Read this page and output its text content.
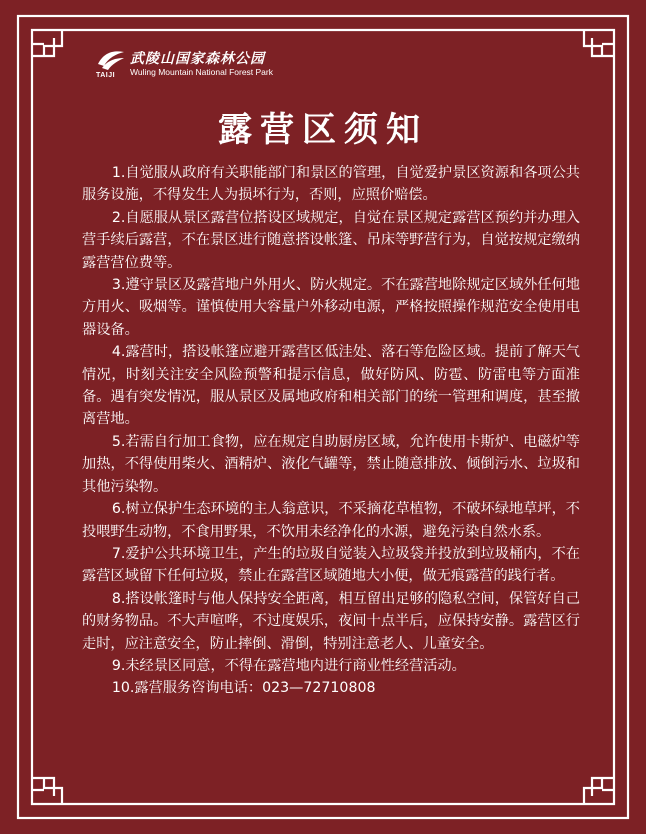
TAIJI
武陵山国家森林公园
Wuling Mountain National Forest Park
露营区须知

1.自觉服从政府有关职能部门和景区的管理，自觉爱护景区资源和各项公共服务设施，不得发生人为损坏行为，否则，应照价赔偿。

2.自愿服从景区露营位搭设区域规定，自觉在景区规定露营区预约并办理入营手续后露营，不在景区进行随意搭设帐篷、吊床等野营行为，自觉按规定缴纳露营营位费等。

3.遵守景区及露营地户外用火、防火规定。不在露营地除规定区域外任何地方用火、吸烟等。谨慎使用大容量户外移动电源，严格按照操作规范安全使用电器设备。

4.露营时，搭设帐篷应避开露营区低洼处、落石等危险区域。提前了解天气情况，时刻关注安全风险预警和提示信息，做好防风、防雹、防雷电等方面准备。遇有突发情况，服从景区及属地政府和相关部门的统一管理和调度，甚至撤离营地。

5.若需自行加工食物，应在规定自助厨房区域，允许使用卡斯炉、电磁炉等加热，不得使用柴火、酒精炉、液化气罐等，禁止随意排放、倾倒污水、垃圾和其他污染物。

6.树立保护生态环境的主人翁意识，不采摘花草植物，不破坏绿地草坪，不投喂野生动物，不食用野果，不饮用未经净化的水源，避免污染自然水系。

7.爱护公共环境卫生，产生的垃圾自觉装入垃圾袋并投放到垃圾桶内，不在露营区域留下任何垃圾，禁止在露营区域随地大小便，做无痕露营的践行者。

8.搭设帐篷时与他人保持安全距离，相互留出足够的隐私空间，保管好自己的财务物品。不大声喧哗，不过度娱乐，夜间十点半后，应保持安静。露营区行走时，应注意安全，防止摔倒、滑倒，特别注意老人、儿童安全。

9.未经景区同意，不得在露营地内进行商业性经营活动。

10.露营服务咨询电话：023—72710808
